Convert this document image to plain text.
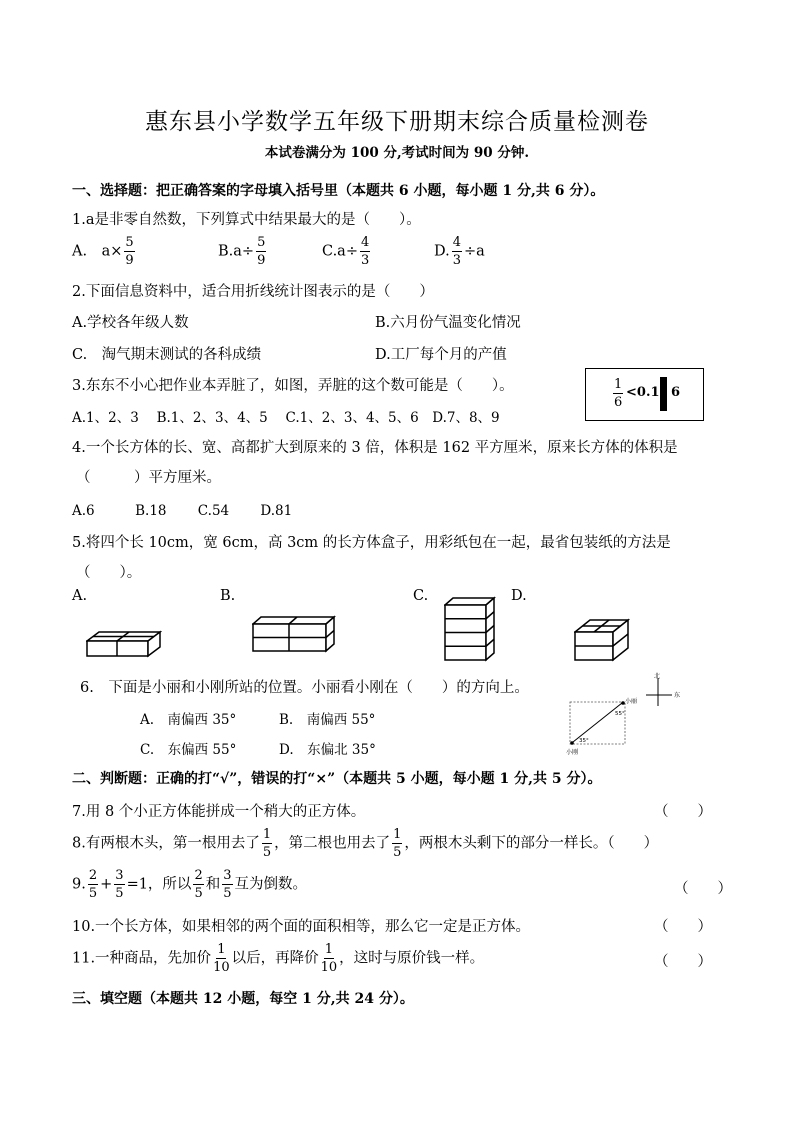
惠东县小学数学五年级下册期末综合质量检测卷
本试卷满分为 100 分,考试时间为 90 分钟.
一、选择题：把正确答案的字母填入括号里（本题共 6 小题，每小题 1 分,共 6 分）。
1.a是非零自然数，下列算式中结果最大的是（　　）。
A.　$a\times \frac{5}{9}$	$B.a\div \frac{5}{9}$	$C.a\div \frac{4}{3}$	D. $\frac{4}{3} \div a$
2.下面信息资料中，适合用折线统计图表示的是（　　）
A.学校各年级人数	B.六月份气温变化情况
C.　淘气期末测试的各科成绩	D.工厂每个月的产值
3.东东不小心把作业本弄脏了，如图，弄脏的这个数可能是（　　）。
A.1、2、3　 B.1、2、3、4、5　 C.1、2、3、4、5、6　D.7、8、9
$\frac{1}{6} <0.1$ 6
4.一个长方体的长、宽、高都扩大到原来的 3 倍，体积是 162 平方厘米，原来长方体的体积是
（　　　）平方厘米。
A.6　　　B.18　　 C.54　　 D.81
5.将四个长 10cm，宽 6cm，高 3cm 的长方体盒子，用彩纸包在一起，最省包装纸的方法是
（　　）。
A.	B.	C.	D.
6.　下面是小丽和小刚所站的位置。小丽看小刚在（　　）的方向上。
A.　南偏西 35°	B.　南偏西 55°
C.　东偏西 55°	D.　东偏北 35°
小丽
小刚
55°
35°
北
东
二、判断题：正确的打“√”，错误的打“×”（本题共 5 小题，每小题 1 分,共 5 分）。
7.用 8 个小正方体能拼成一个稍大的正方体。	（　　）
8.有两根木头，第一根用去了 $\frac{1}{5}$ ，第二根也用去了 $\frac{1}{5}$ ，两根木头剩下的部分一样长。（　　）
9. $\frac{2}{5} + \frac{3}{5} =1$，所以 $\frac{2}{5}$ 和 $\frac{3}{5}$ 互为倒数。	（　　）
10.一个长方体，如果相邻的两个面的面积相等，那么它一定是正方体。	（　　）
11.一种商品，先加价 $\frac{1}{10}$ 以后，再降价 $\frac{1}{10}$ ，这时与原价钱一样。	（　　）
三、填空题（本题共 12 小题，每空 1 分,共 24 分）。
